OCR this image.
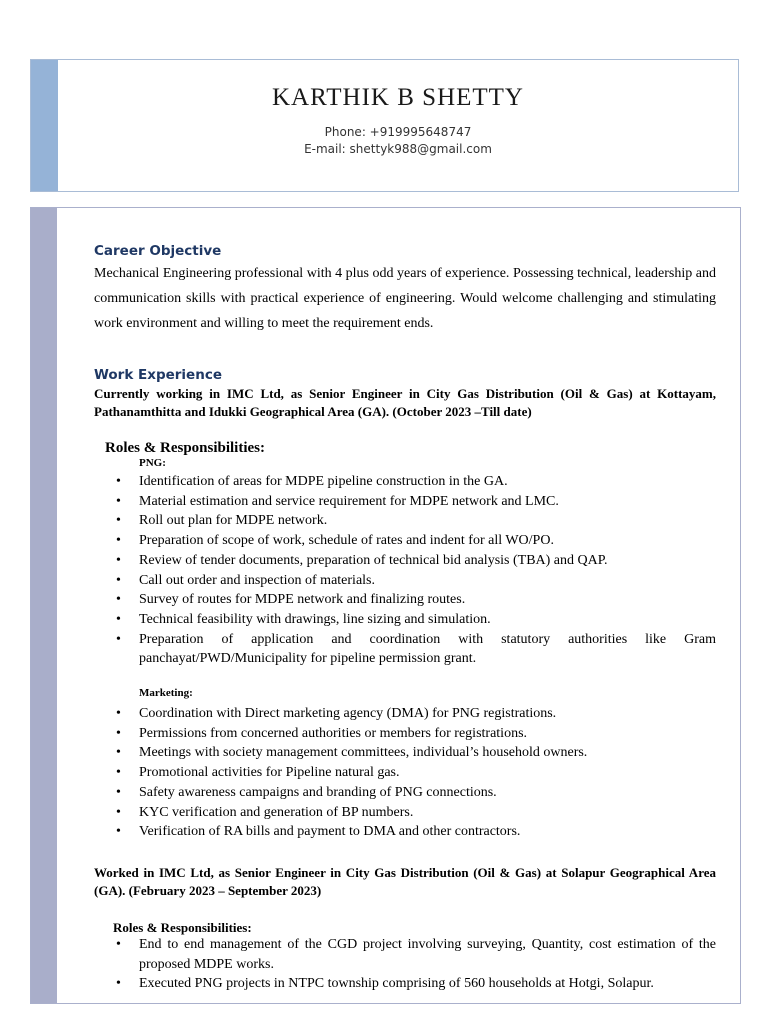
KARTHIK B SHETTY
Phone: +919995648747
E-mail: shettyk988@gmail.com
Career Objective
Mechanical Engineering professional with 4 plus odd years of experience. Possessing technical, leadership and communication skills with practical experience of engineering. Would welcome challenging and stimulating work environment and willing to meet the requirement ends.
Work Experience
Currently working in IMC Ltd, as Senior Engineer in City Gas Distribution (Oil & Gas) at Kottayam, Pathanamthitta and Idukki Geographical Area (GA). (October 2023 –Till date)
Roles & Responsibilities:
PNG:
• Identification of areas for MDPE pipeline construction in the GA.
• Material estimation and service requirement for MDPE network and LMC.
• Roll out plan for MDPE network.
• Preparation of scope of work, schedule of rates and indent for all WO/PO.
• Review of tender documents, preparation of technical bid analysis (TBA) and QAP.
• Call out order and inspection of materials.
• Survey of routes for MDPE network and finalizing routes.
• Technical feasibility with drawings, line sizing and simulation.
• Preparation of application and coordination with statutory authorities like Gram panchayat/PWD/Municipality for pipeline permission grant.
Marketing:
• Coordination with Direct marketing agency (DMA) for PNG registrations.
• Permissions from concerned authorities or members for registrations.
• Meetings with society management committees, individual’s household owners.
• Promotional activities for Pipeline natural gas.
• Safety awareness campaigns and branding of PNG connections.
• KYC verification and generation of BP numbers.
• Verification of RA bills and payment to DMA and other contractors.
Worked in IMC Ltd, as Senior Engineer in City Gas Distribution (Oil & Gas) at Solapur Geographical Area (GA). (February 2023 – September 2023)
Roles & Responsibilities:
• End to end management of the CGD project involving surveying, Quantity, cost estimation of the proposed MDPE works.
• Executed PNG projects in NTPC township comprising of 560 households at Hotgi, Solapur.
